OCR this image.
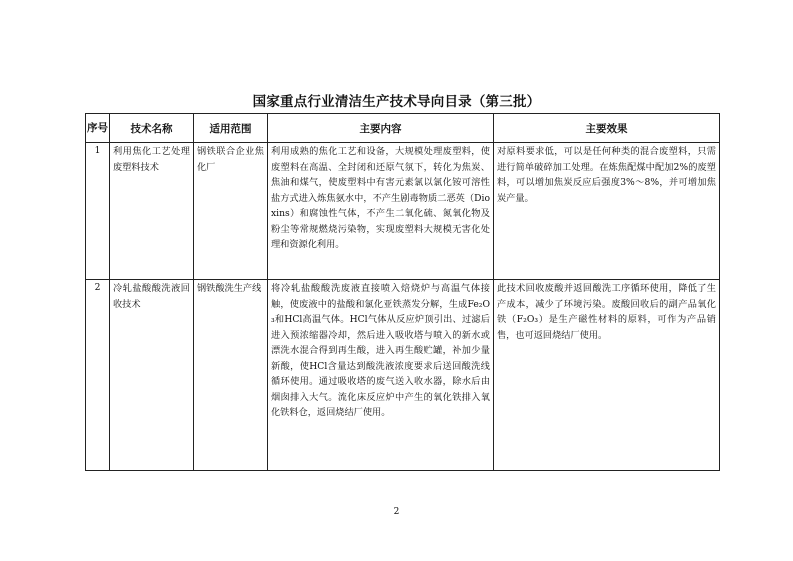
国家重点行业清洁生产技术导向目录（第三批）
序号	技术名称	适用范围	主要内容	主要效果

1	利用焦化工艺处理废塑料技术	钢铁联合企业焦化厂	利用成熟的焦化工艺和设备，大规模处理废塑料，使废塑料在高温、全封闭和还原气氛下，转化为焦炭、焦油和煤气，使废塑料中有害元素氯以氯化铵可溶性盐方式进入炼焦氨水中，不产生剧毒物质二恶英（Dioxins）和腐蚀性气体，不产生二氧化硫、氮氧化物及粉尘等常规燃烧污染物，实现废塑料大规模无害化处理和资源化利用。	对原料要求低，可以是任何种类的混合废塑料，只需进行简单破碎加工处理。在炼焦配煤中配加2%的废塑料，可以增加焦炭反应后强度3%～8%，并可增加焦炭产量。

2	冷轧盐酸酸洗液回收技术	钢铁酸洗生产线	将冷轧盐酸酸洗废液直接喷入焙烧炉与高温气体接触，使废液中的盐酸和氯化亚铁蒸发分解，生成Fe₂O₃和HCl高温气体。HCl气体从反应炉顶引出、过滤后进入预浓缩器冷却，然后进入吸收塔与喷入的新水或漂洗水混合得到再生酸，进入再生酸贮罐，补加少量新酸，使HCl含量达到酸洗液浓度要求后送回酸洗线循环使用。通过吸收塔的废气送入收水器，除水后由烟囱排入大气。流化床反应炉中产生的氧化铁排入氧化铁料仓，返回烧结厂使用。	此技术回收废酸并返回酸洗工序循环使用，降低了生产成本，减少了环境污染。废酸回收后的副产品氧化铁（F₂O₃）是生产磁性材料的原料，可作为产品销售，也可返回烧结厂使用。
2
